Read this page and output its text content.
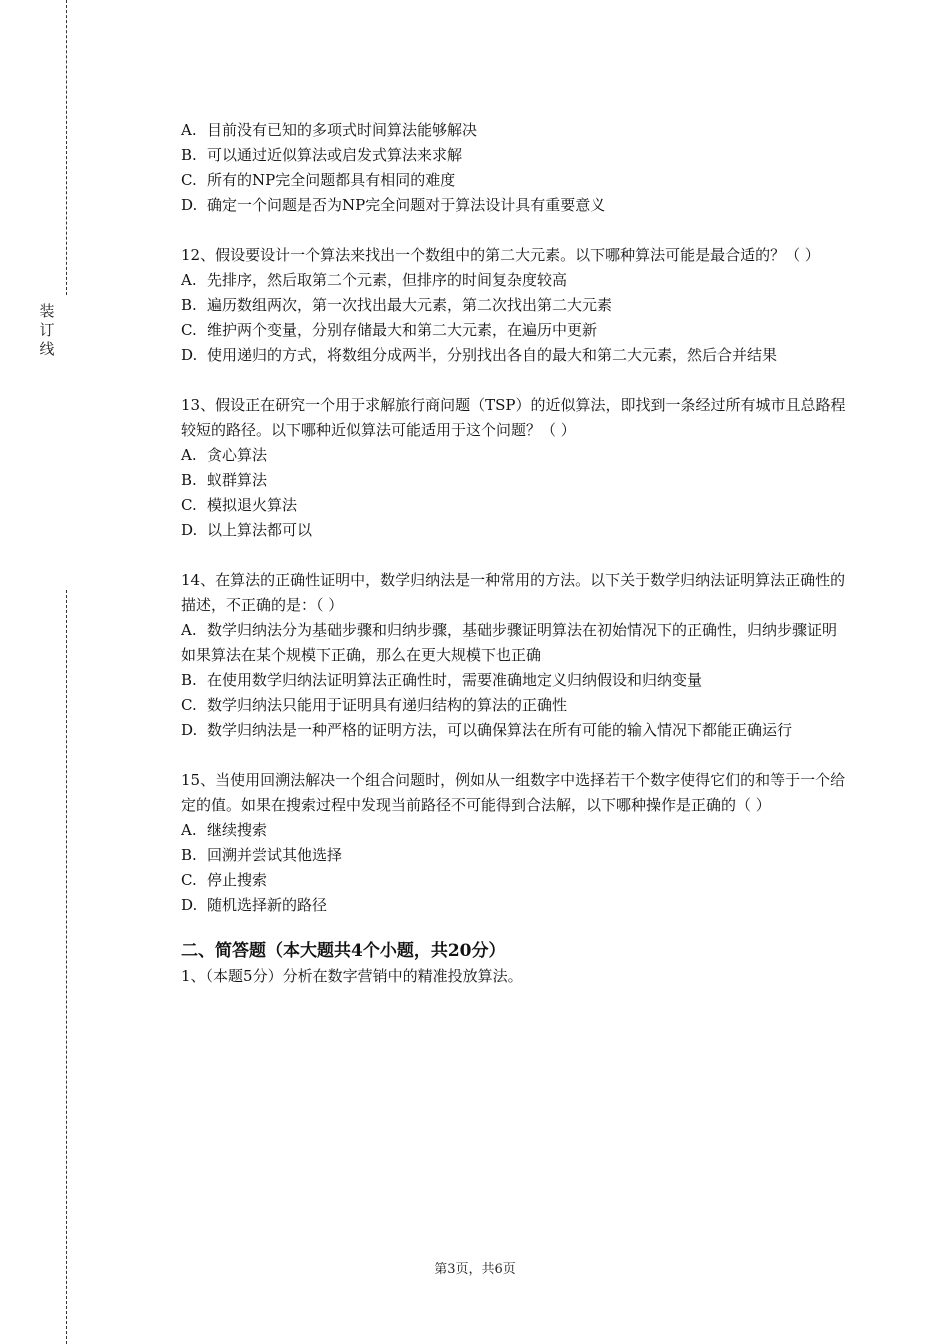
装
订
线
A. 目前没有已知的多项式时间算法能够解决
B. 可以通过近似算法或启发式算法来求解
C. 所有的NP完全问题都具有相同的难度
D. 确定一个问题是否为NP完全问题对于算法设计具有重要意义
12、假设要设计一个算法来找出一个数组中的第二大元素。以下哪种算法可能是最合适的？（ ）
A. 先排序，然后取第二个元素，但排序的时间复杂度较高
B. 遍历数组两次，第一次找出最大元素，第二次找出第二大元素
C. 维护两个变量，分别存储最大和第二大元素，在遍历中更新
D. 使用递归的方式，将数组分成两半，分别找出各自的最大和第二大元素，然后合并结果
13、假设正在研究一个用于求解旅行商问题（TSP）的近似算法，即找到一条经过所有城市且总路程较短的路径。以下哪种近似算法可能适用于这个问题？（ ）
A. 贪心算法
B. 蚁群算法
C. 模拟退火算法
D. 以上算法都可以
14、在算法的正确性证明中，数学归纳法是一种常用的方法。以下关于数学归纳法证明算法正确性的描述，不正确的是：（ ）
A. 数学归纳法分为基础步骤和归纳步骤，基础步骤证明算法在初始情况下的正确性，归纳步骤证明如果算法在某个规模下正确，那么在更大规模下也正确
B. 在使用数学归纳法证明算法正确性时，需要准确地定义归纳假设和归纳变量
C. 数学归纳法只能用于证明具有递归结构的算法的正确性
D. 数学归纳法是一种严格的证明方法，可以确保算法在所有可能的输入情况下都能正确运行
15、当使用回溯法解决一个组合问题时，例如从一组数字中选择若干个数字使得它们的和等于一个给定的值。如果在搜索过程中发现当前路径不可能得到合法解，以下哪种操作是正确的（ ）
A. 继续搜索
B. 回溯并尝试其他选择
C. 停止搜索
D. 随机选择新的路径
二、简答题（本大题共4个小题，共20分）
1、（本题5分）分析在数字营销中的精准投放算法。
第3页，共6页
